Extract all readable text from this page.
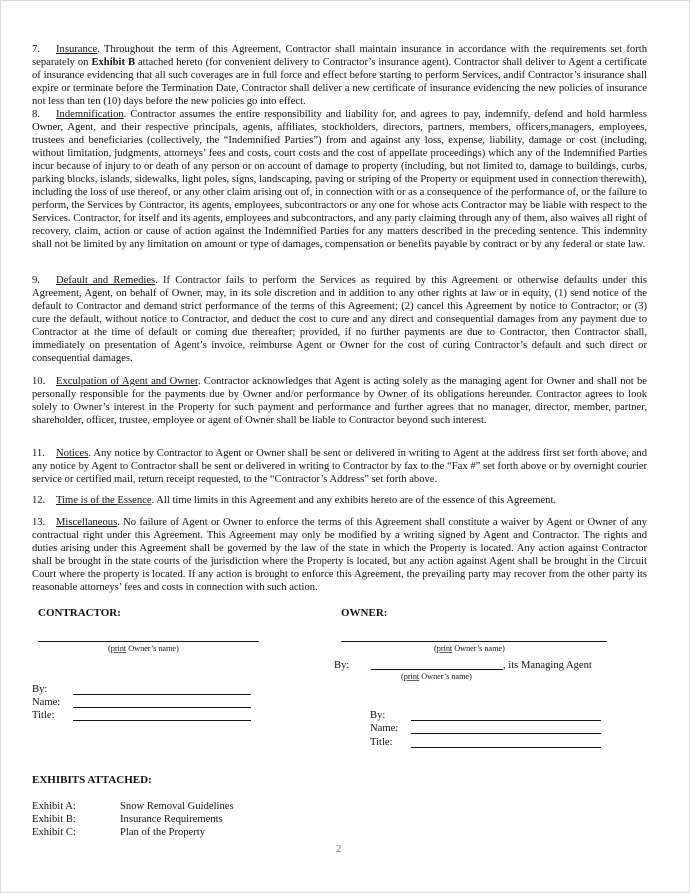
7. Insurance. Throughout the term of this Agreement, Contractor shall maintain insurance in accordance with the requirements set forth separately on Exhibit B attached hereto (for convenient delivery to Contractor’s insurance agent). Contractor shall deliver to Agent a certificate of insurance evidencing that all such coverages are in full force and effect before starting to perform Services, andif Contractor’s insurance shall expire or terminate before the Termination Date, Contractor shall deliver a new certificate of insurance evidencing the new policies of insurance not less than ten (10) days before the new policies go into effect.
8. Indemnification. Contractor assumes the entire responsibility and liability for, and agrees to pay, indemnify, defend and hold harmless Owner, Agent, and their respective principals, agents, affiliates, stockholders, directors, partners, members, officers,managers, employees, trustees and beneficiaries (collectively, the “Indemnified Parties”) from and against any loss, expense, liability, damage or cost (including, without limitation, judgments, attorneys’ fees and costs, court costs and the cost of appellate proceedings) which any of the Indemnified Parties incur because of injury to or death of any person or on account of damage to property (including, but not limited to, damage to buildings, curbs, parking blocks, islands, sidewalks, light poles, signs, landscaping, paving or striping of the Property or equipment used in connection therewith), including the loss of use thereof, or any other claim arising out of, in connection with or as a consequence of the performance of, or the failure to perform, the Services by Contractor, its agents, employees, subcontractors or any one for whose acts Contractor may be liable with respect to the Services. Contractor, for itself and its agents, employees and subcontractors, and any party claiming through any of them, also waives all right of recovery, claim, action or cause of action against the Indemnified Parties for any matters described in the preceding sentence. This indemnity shall not be limited by any limitation on amount or type of damages, compensation or benefits payable by contract or by any federal or state law.
9. Default and Remedies. If Contractor fails to perform the Services as required by this Agreement or otherwise defaults under this Agreement, Agent, on behalf of Owner, may, in its sole discretion and in addition to any other rights at law or in equity, (1) send notice of the default to Contractor and demand strict performance of the terms of this Agreement; (2) cancel this Agreement by notice to Contractor; or (3) cure the default, without notice to Contractor, and deduct the cost to cure and any direct and consequential damages from any payment due to Contractor at the time of default or coming due thereafter; provided, if no further payments are due to Contractor, then Contractor shall, immediately on presentation of Agent’s invoice, reimburse Agent or Owner for the cost of curing Contractor’s default and such direct or consequential damages.
10. Exculpation of Agent and Owner. Contractor acknowledges that Agent is acting solely as the managing agent for Owner and shall not be personally responsible for the payments due by Owner and/or performance by Owner of its obligations hereunder. Contractor agrees to look solely to Owner’s interest in the Property for such payment and performance and further agrees that no manager, director, member, partner, shareholder, officer, trustee, employee or agent of Owner shall be liable to Contractor beyond such interest.
11. Notices. Any notice by Contractor to Agent or Owner shall be sent or delivered in writing to Agent at the address first set forth above, and any notice by Agent to Contractor shall be sent or delivered in writing to Contractor by fax to the “Fax #” set forth above or by overnight courier service or certified mail, return receipt requested, to the “Contractor’s Address” set forth above.
12. Time is of the Essence. All time limits in this Agreement and any exhibits hereto are of the essence of this Agreement.
13. Miscellaneous. No failure of Agent or Owner to enforce the terms of this Agreement shall constitute a waiver by Agent or Owner of any contractual right under this Agreement. This Agreement may only be modified by a writing signed by Agent and Contractor. The rights and duties arising under this Agreement shall be governed by the law of the state in which the Property is located. Any action against Contractor shall be brought in the state courts of the jurisdiction where the Property is located, but any action against Agent shall be brought in the Circuit Court where the property is located. If any action is brought to enforce this Agreement, the prevailing party may recover from the other party its reasonable attorneys’ fees and costs in connection with such action.
CONTRACTOR:	OWNER:
(print Owner’s name)	(print Owner’s name)
By:	, its Managing Agent
(print Owner’s name)
By:
Name:
Title:	By:
Name:
Title:
EXHIBITS ATTACHED:
Exhibit A:	Snow Removal Guidelines
Exhibit B:	Insurance Requirements
Exhibit C:	Plan of the Property
2
